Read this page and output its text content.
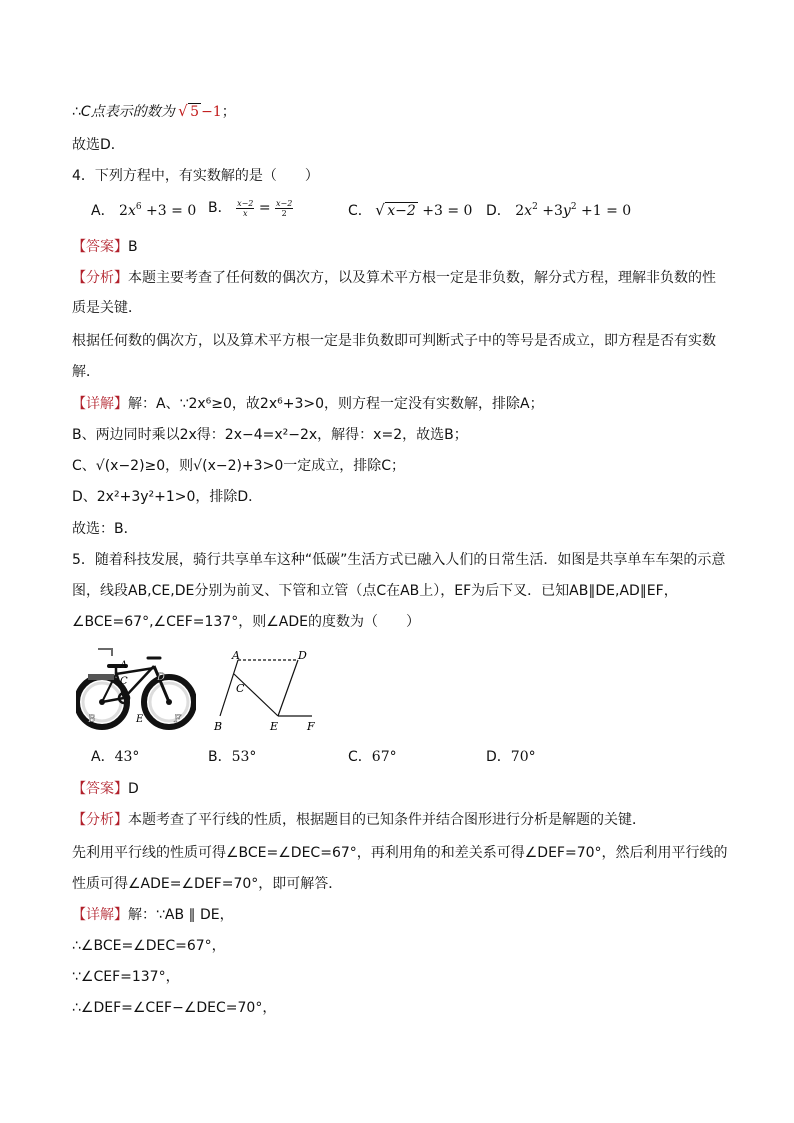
∴C点表示的数为 √ 5 −1；
故选D．
4．下列方程中，有实数解的是（　　）
A． $2x^6 +3 = 0$ B． $\frac{x-2}{x} = \frac{x-2}{2}$	C． √ x−2 +3 = 0 D． $2x^2 +3y^2 +1 = 0$
【答案】B
【分析】本题主要考查了任何数的偶次方，以及算术平方根一定是非负数，解分式方程，理解非负数的性
质是关键．
根据任何数的偶次方，以及算术平方根一定是非负数即可判断式子中的等号是否成立，即方程是否有实数
解．
【详解】解：A、∵2x⁶≥0，故2x⁶+3>0，则方程一定没有实数解，排除A；
B、两边同时乘以2x得：2x−4=x²−2x，解得：x=2，故选B；
C、√(x−2)≥0，则√(x−2)+3>0一定成立，排除C；
D、2x²+3y²+1>0，排除D．
故选：B．
5．随着科技发展，骑行共享单车这种“低碳”生活方式已融入人们的日常生活．如图是共享单车车架的示意
图，线段AB,CE,DE分别为前叉、下管和立管（点C在AB上），EF为后下叉．已知AB∥DE,AD∥EF，
∠BCE=67°,∠CEF=137°，则∠ADE的度数为（　　）
A
C	D
B	E	F
A
C
D
B	E	F
A．43°	B．53°	C．67°	D．70°
【答案】D
【分析】本题考查了平行线的性质，根据题目的已知条件并结合图形进行分析是解题的关键．
先利用平行线的性质可得∠BCE=∠DEC=67°，再利用角的和差关系可得∠DEF=70°，然后利用平行线的
性质可得∠ADE=∠DEF=70°，即可解答．
【详解】解：∵AB ∥ DE，
∴∠BCE=∠DEC=67°，
∵∠CEF=137°，
∴∠DEF=∠CEF−∠DEC=70°，
